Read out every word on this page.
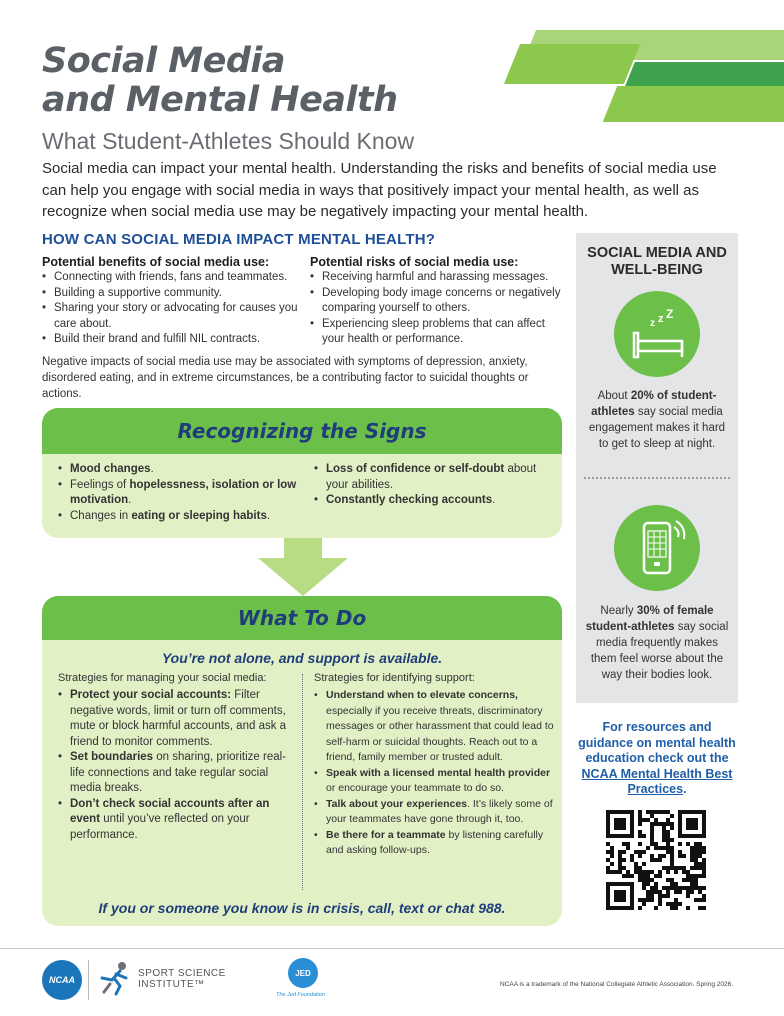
Social Media
and Mental Health
What Student-Athletes Should Know
Social media can impact your mental health. Understanding the risks and benefits of social media use can help you engage with social media in ways that positively impact your mental health, as well as recognize when social media use may be negatively impacting your mental health.
HOW CAN SOCIAL MEDIA IMPACT MENTAL HEALTH?
Potential benefits of social media use:
• Connecting with friends, fans and teammates.
• Building a supportive community.
• Sharing your story or advocating for causes you care about.
• Build their brand and fulfill NIL contracts.
Potential risks of social media use:
• Receiving harmful and harassing messages.
• Developing body image concerns or negatively comparing yourself to others.
• Experiencing sleep problems that can affect your health or performance.
Negative impacts of social media use may be associated with symptoms of depression, anxiety, disordered eating, and in extreme circumstances, be a contributing factor to suicidal thoughts or actions.
Recognizing the Signs
• Mood changes.
• Feelings of hopelessness, isolation or low motivation.
• Changes in eating or sleeping habits.
• Loss of confidence or self-doubt about your abilities.
• Constantly checking accounts.
What To Do
You’re not alone, and support is available.
Strategies for managing your social media:
• Protect your social accounts: Filter negative words, limit or turn off comments, mute or block harmful accounts, and ask a friend to monitor comments.
• Set boundaries on sharing, prioritize real-life connections and take regular social media breaks.
• Don’t check social accounts after an event until you’ve reflected on your performance.
Strategies for identifying support:
• Understand when to elevate concerns, especially if you receive threats, discriminatory messages or other harassment that could lead to self-harm or suicidal thoughts. Reach out to a friend, family member or trusted adult.
• Speak with a licensed mental health provider or encourage your teammate to do so.
• Talk about your experiences. It’s likely some of your teammates have gone through it, too.
• Be there for a teammate by listening carefully and asking follow-ups.
If you or someone you know is in crisis, call, text or chat 988.
SOCIAL MEDIA AND WELL-BEING
z z Z
About 20% of student-athletes say social media engagement makes it hard to get to sleep at night.
Nearly 30% of female student-athletes say social media frequently makes them feel worse about the way their bodies look.
For resources and guidance on mental health education check out the NCAA Mental Health Best Practices.
NCAA
SPORT SCIENCE
INSTITUTE™
JED
The Jed Foundation
NCAA is a trademark of the National Collegiate Athletic Association. Spring 2026.
